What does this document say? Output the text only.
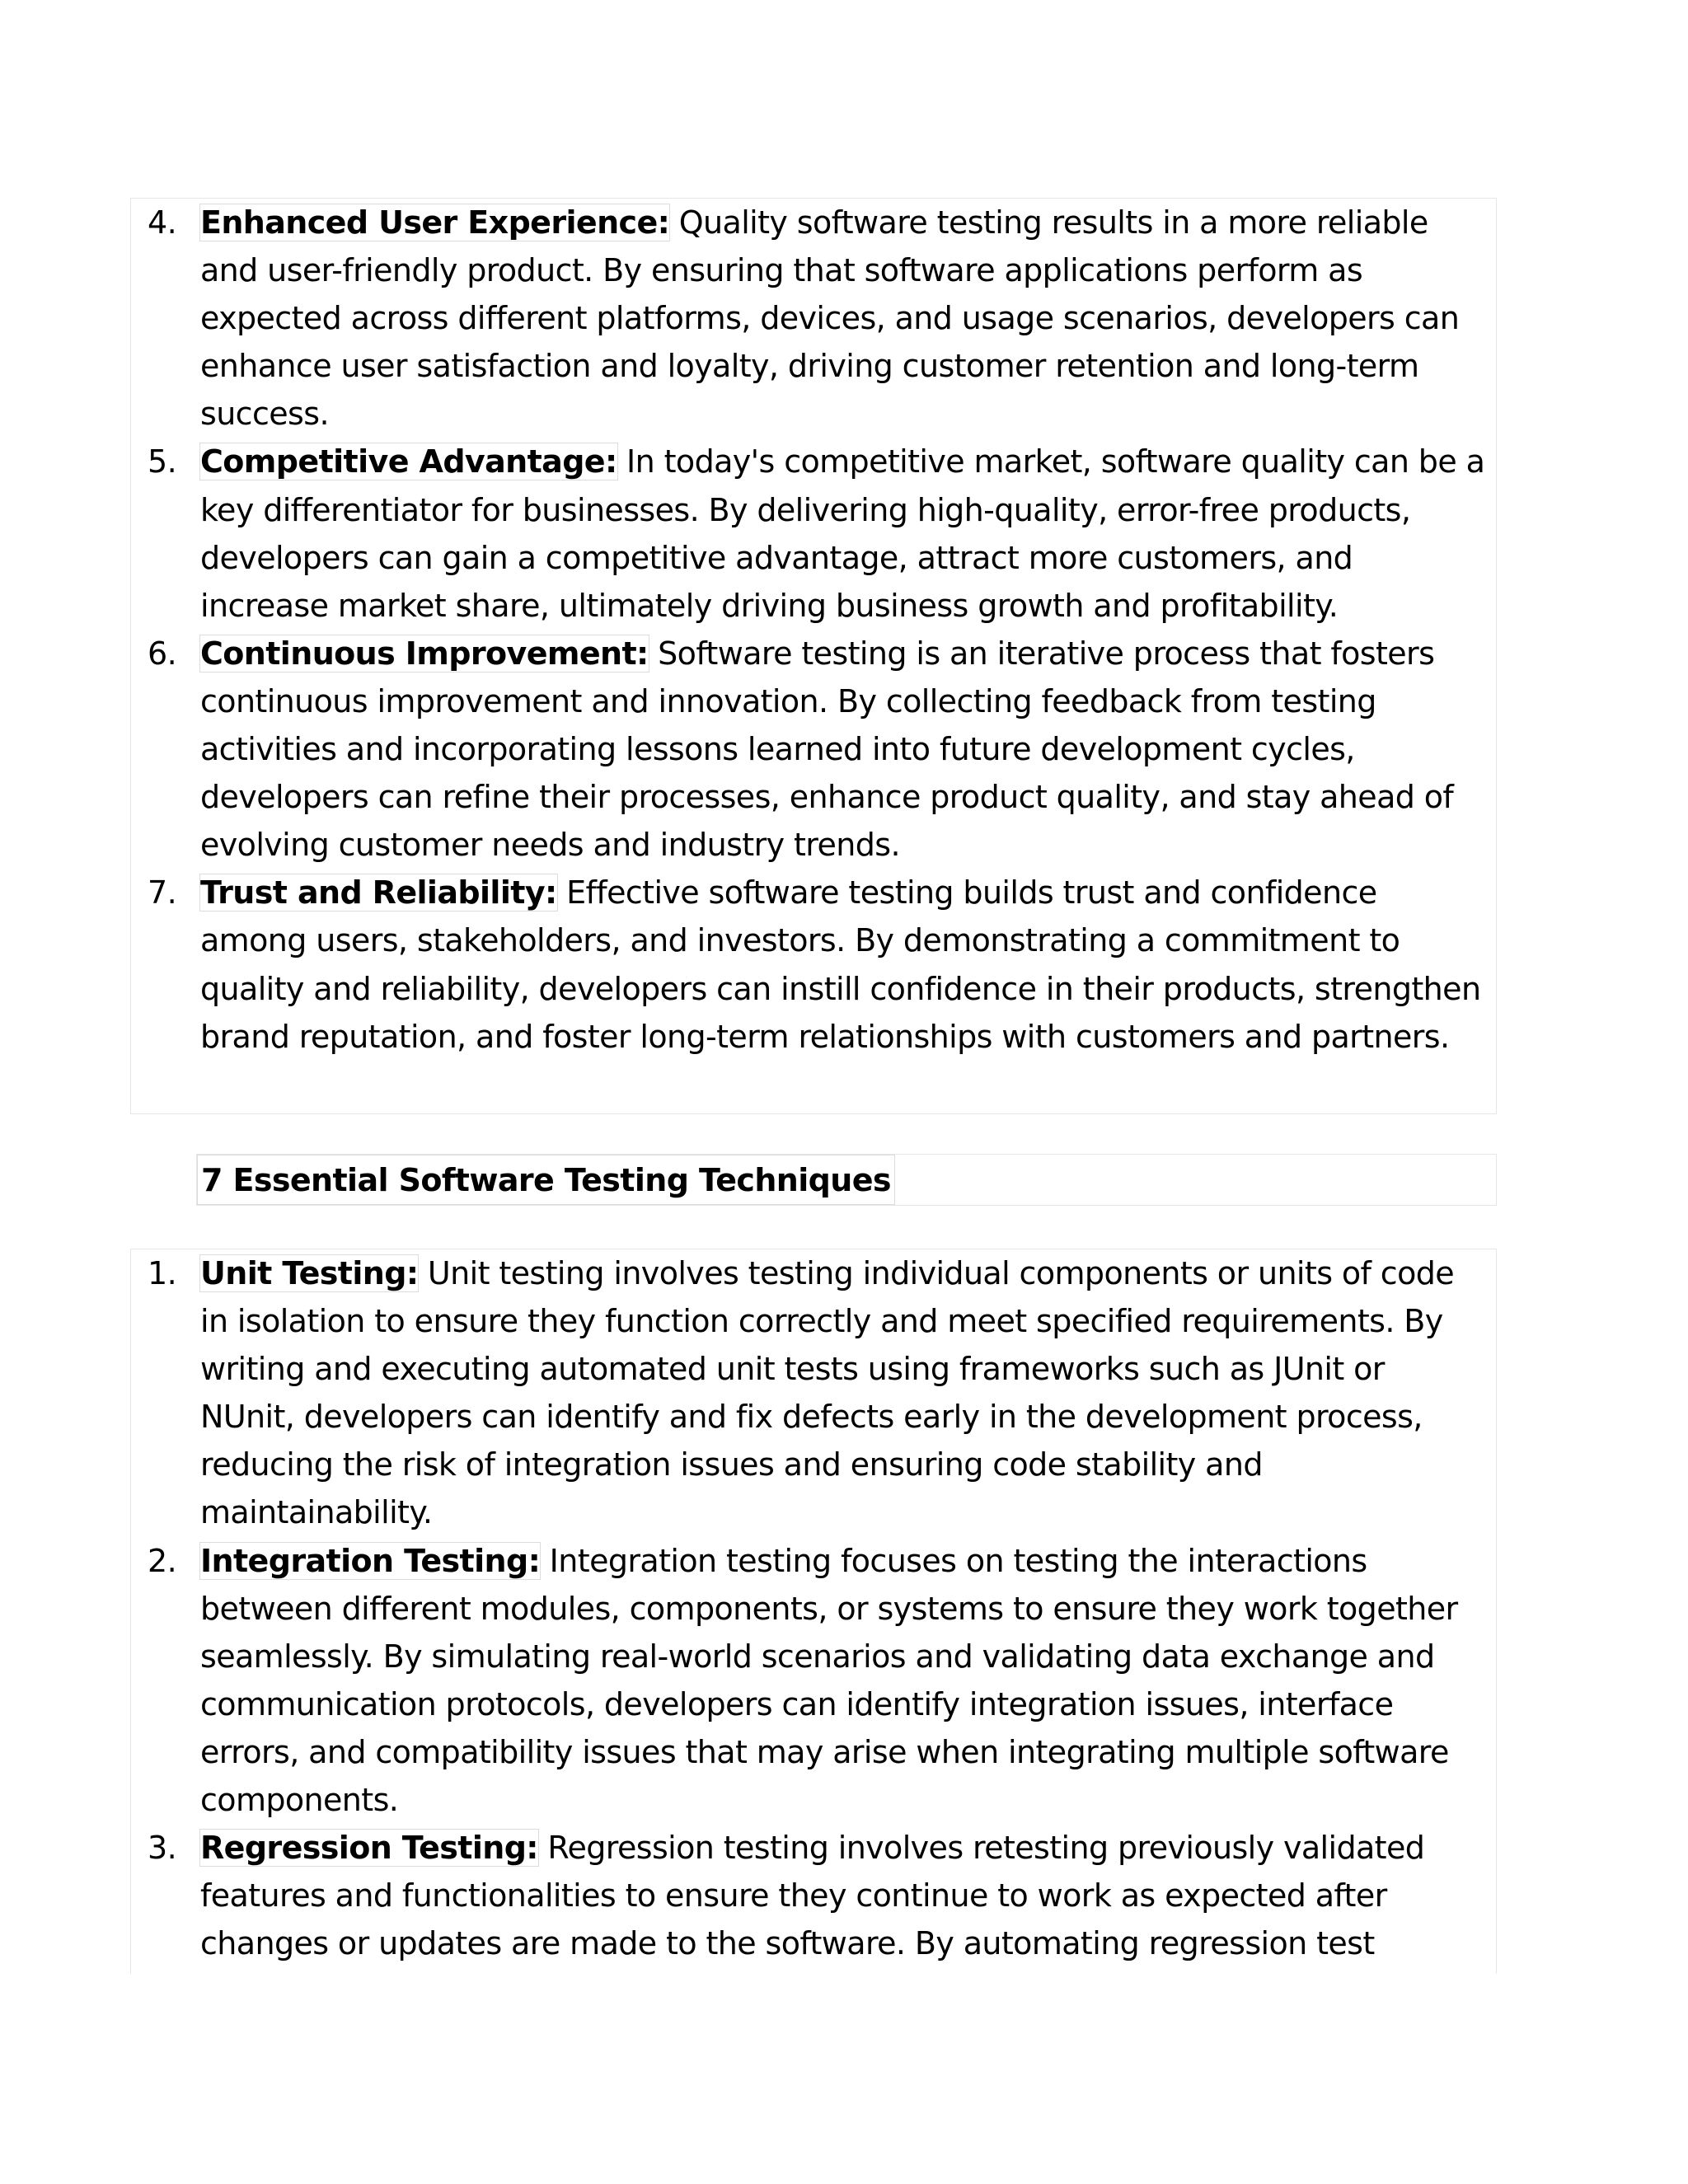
4. Enhanced User Experience: Quality software testing results in a more reliable and user-friendly product. By ensuring that software applications perform as expected across different platforms, devices, and usage scenarios, developers can enhance user satisfaction and loyalty, driving customer retention and long-term success.
5. Competitive Advantage: In today's competitive market, software quality can be a key differentiator for businesses. By delivering high-quality, error-free products, developers can gain a competitive advantage, attract more customers, and increase market share, ultimately driving business growth and profitability.
6. Continuous Improvement: Software testing is an iterative process that fosters continuous improvement and innovation. By collecting feedback from testing activities and incorporating lessons learned into future development cycles, developers can refine their processes, enhance product quality, and stay ahead of evolving customer needs and industry trends.
7. Trust and Reliability: Effective software testing builds trust and confidence among users, stakeholders, and investors. By demonstrating a commitment to quality and reliability, developers can instill confidence in their products, strengthen brand reputation, and foster long-term relationships with customers and partners.
7 Essential Software Testing Techniques
1. Unit Testing: Unit testing involves testing individual components or units of code in isolation to ensure they function correctly and meet specified requirements. By writing and executing automated unit tests using frameworks such as JUnit or NUnit, developers can identify and fix defects early in the development process, reducing the risk of integration issues and ensuring code stability and maintainability.
2. Integration Testing: Integration testing focuses on testing the interactions between different modules, components, or systems to ensure they work together seamlessly. By simulating real-world scenarios and validating data exchange and communication protocols, developers can identify integration issues, interface errors, and compatibility issues that may arise when integrating multiple software components.
3. Regression Testing: Regression testing involves retesting previously validated features and functionalities to ensure they continue to work as expected after changes or updates are made to the software. By automating regression test
